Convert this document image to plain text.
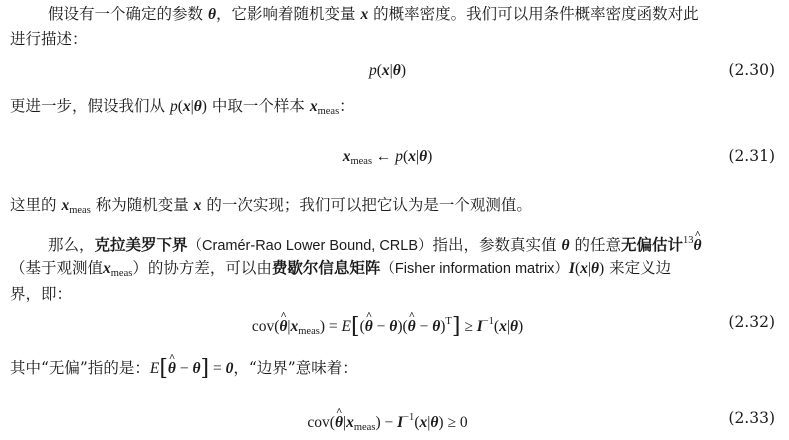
假设有一个确定的参数 θ，它影响着随机变量 x 的概率密度。我们可以用条件概率密度函数对此
进行描述：
p(x|θ)	(2.30)
更进一步，假设我们从 p(x|θ) 中取一个样本 $x_{meas}$：
$x_{meas}$ ← p(x|θ)	(2.31)
这里的 $x_{meas}$ 称为随机变量 x 的一次实现；我们可以把它认为是一个观测值。
那么，克拉美罗下界（Cramér-Rao Lower Bound, CRLB）指出，参数真实值 θ 的任意无偏估计$^{13}$^ θ
（基于观测值$x_{meas}$）的协方差，可以由费歇尔信息矩阵（Fisher information matrix）I(x|θ) 来定义边
界，即：
cov(^ $\theta|x_{meas}$) = E[(^ θ − θ)(^ $\theta - \theta)^T] \ge I^{-1}(x|\theta)$	(2.32)
其中“无偏”指的是：E[^ θ − θ] = 0，“边界”意味着：
cov(^ $\theta|x_{meas}) - I^{-1}(x|\theta) \ge 0$	(2.33)
